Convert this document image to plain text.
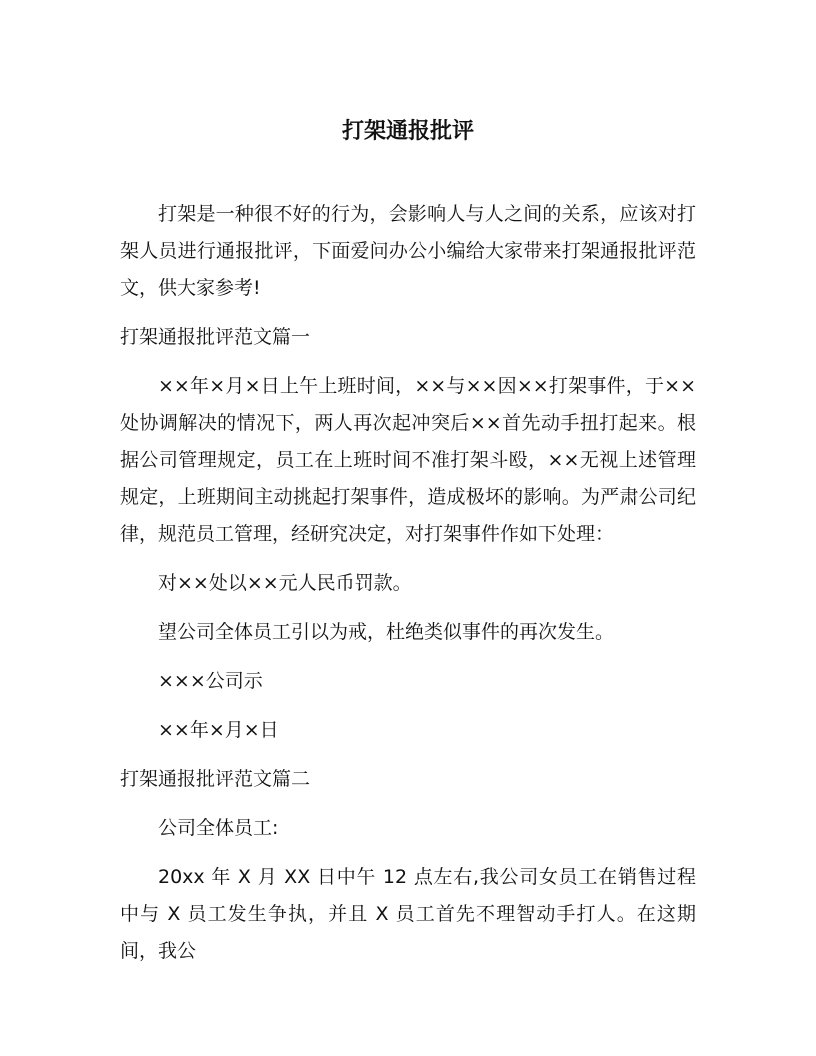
打架通报批评

打架是一种很不好的行为，会影响人与人之间的关系，应该对打架人员进行通报批评，下面爱问办公小编给大家带来打架通报批评范文，供大家参考!

打架通报批评范文篇一

××年×月×日上午上班时间，××与××因××打架事件，于××处协调解决的情况下，两人再次起冲突后××首先动手扭打起来。根据公司管理规定，员工在上班时间不准打架斗殴，××无视上述管理规定，上班期间主动挑起打架事件，造成极坏的影响。为严肃公司纪律，规范员工管理，经研究决定，对打架事件作如下处理：

对××处以××元人民币罚款。

望公司全体员工引以为戒，杜绝类似事件的再次发生。

×××公司示

××年×月×日

打架通报批评范文篇二

公司全体员工:

20xx 年 X 月 XX 日中午 12 点左右,我公司女员工在销售过程中与 X 员工发生争执，并且 X 员工首先不理智动手打人。在这期间，我公
